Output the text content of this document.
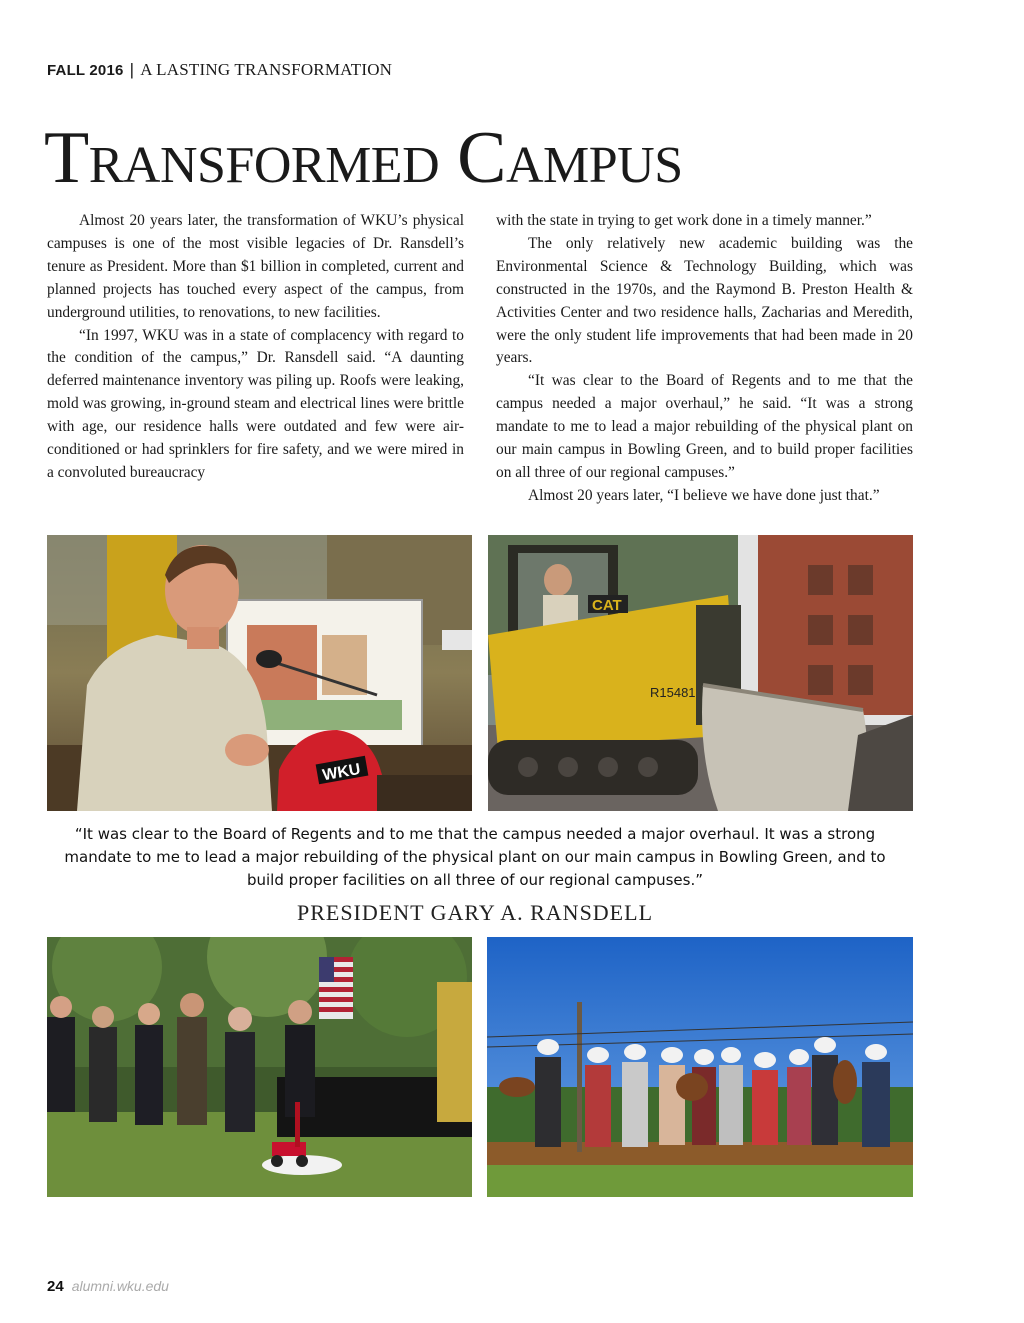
FALL 2016 | A LASTING TRANSFORMATION
Transformed Campus

Almost 20 years later, the transformation of WKU’s physical campuses is one of the most visible legacies of Dr. Ransdell’s tenure as President. More than $1 billion in completed, current and planned projects has touched every aspect of the campus, from underground utilities, to renovations, to new facilities.

“In 1997, WKU was in a state of complacency with regard to the condition of the campus,” Dr. Ransdell said. “A daunting deferred maintenance inventory was piling up. Roofs were leaking, mold was growing, in-ground steam and electrical lines were brittle with age, our residence halls were outdated and few were air-conditioned or had sprinklers for fire safety, and we were mired in a convoluted bureaucracy

with the state in trying to get work done in a timely manner.”

The only relatively new academic building was the Environmental Science & Technology Building, which was constructed in the 1970s, and the Raymond B. Preston Health & Activities Center and two residence halls, Zacharias and Meredith, were the only student life improvements that had been made in 20 years.

“It was clear to the Board of Regents and to me that the campus needed a major overhaul,” he said. “It was a strong mandate to me to lead a major rebuilding of the physical plant on our main campus in Bowling Green, and to build proper facilities on all three of our regional campuses.”

Almost 20 years later, “I believe we have done just that.”

WKU
CAT
R15481

“It was clear to the Board of Regents and to me that the campus needed a major overhaul. It was a strong mandate to me to lead a major rebuilding of the physical plant on our main campus in Bowling Green, and to build proper facilities on all three of our regional campuses.”

PRESIDENT GARY A. RANSDELL
24 alumni.wku.edu
